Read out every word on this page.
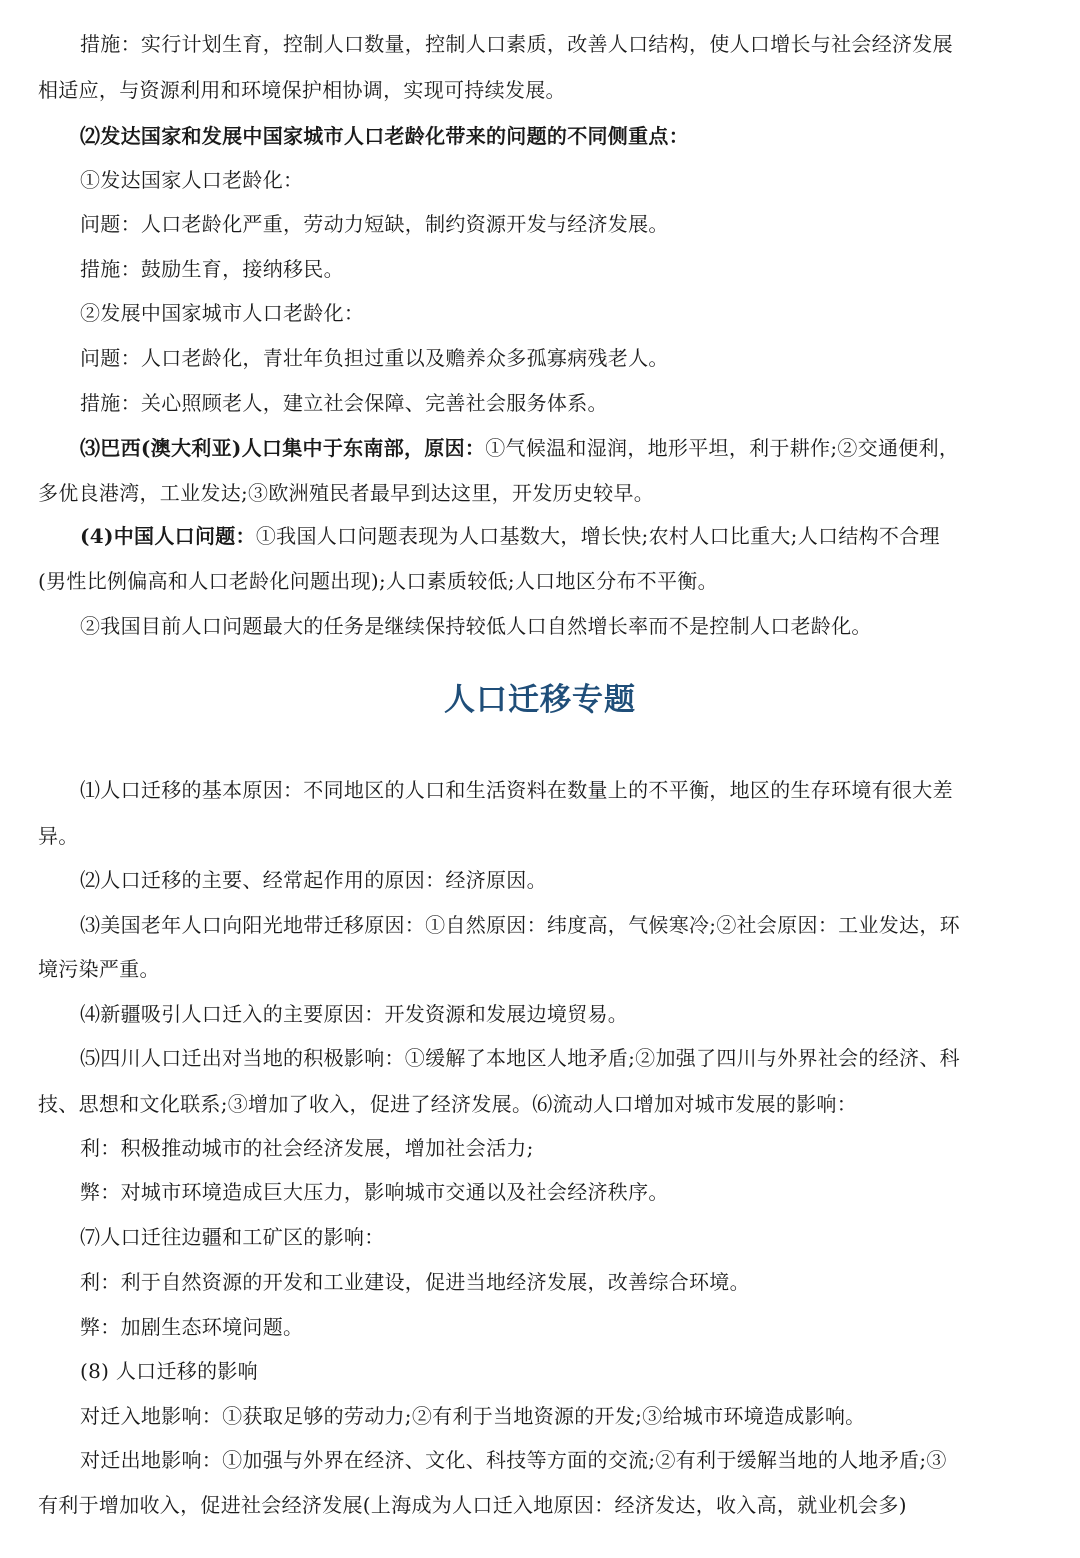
措施：实行计划生育，控制人口数量，控制人口素质，改善人口结构，使人口增长与社会经济发展
相适应，与资源利用和环境保护相协调，实现可持续发展。
⑵发达国家和发展中国家城市人口老龄化带来的问题的不同侧重点：
①发达国家人口老龄化：
问题：人口老龄化严重，劳动力短缺，制约资源开发与经济发展。
措施：鼓励生育，接纳移民。
②发展中国家城市人口老龄化：
问题：人口老龄化，青壮年负担过重以及赡养众多孤寡病残老人。
措施：关心照顾老人，建立社会保障、完善社会服务体系。
⑶巴西(澳大利亚)人口集中于东南部，原因：①气候温和湿润，地形平坦，利于耕作;②交通便利，
多优良港湾，工业发达;③欧洲殖民者最早到达这里，开发历史较早。
(4)中国人口问题：①我国人口问题表现为人口基数大，增长快;农村人口比重大;人口结构不合理
(男性比例偏高和人口老龄化问题出现);人口素质较低;人口地区分布不平衡。
②我国目前人口问题最大的任务是继续保持较低人口自然增长率而不是控制人口老龄化。
人口迁移专题
⑴人口迁移的基本原因：不同地区的人口和生活资料在数量上的不平衡，地区的生存环境有很大差
异。
⑵人口迁移的主要、经常起作用的原因：经济原因。
⑶美国老年人口向阳光地带迁移原因：①自然原因：纬度高，气候寒冷;②社会原因：工业发达，环
境污染严重。
⑷新疆吸引人口迁入的主要原因：开发资源和发展边境贸易。
⑸四川人口迁出对当地的积极影响：①缓解了本地区人地矛盾;②加强了四川与外界社会的经济、科
技、思想和文化联系;③增加了收入，促进了经济发展。⑹流动人口增加对城市发展的影响：
利：积极推动城市的社会经济发展，增加社会活力;
弊：对城市环境造成巨大压力，影响城市交通以及社会经济秩序。
⑺人口迁往边疆和工矿区的影响：
利：利于自然资源的开发和工业建设，促进当地经济发展，改善综合环境。
弊：加剧生态环境问题。
(8) 人口迁移的影响
对迁入地影响：①获取足够的劳动力;②有利于当地资源的开发;③给城市环境造成影响。
对迁出地影响：①加强与外界在经济、文化、科技等方面的交流;②有利于缓解当地的人地矛盾;③
有利于增加收入，促进社会经济发展(上海成为人口迁入地原因：经济发达，收入高，就业机会多)
